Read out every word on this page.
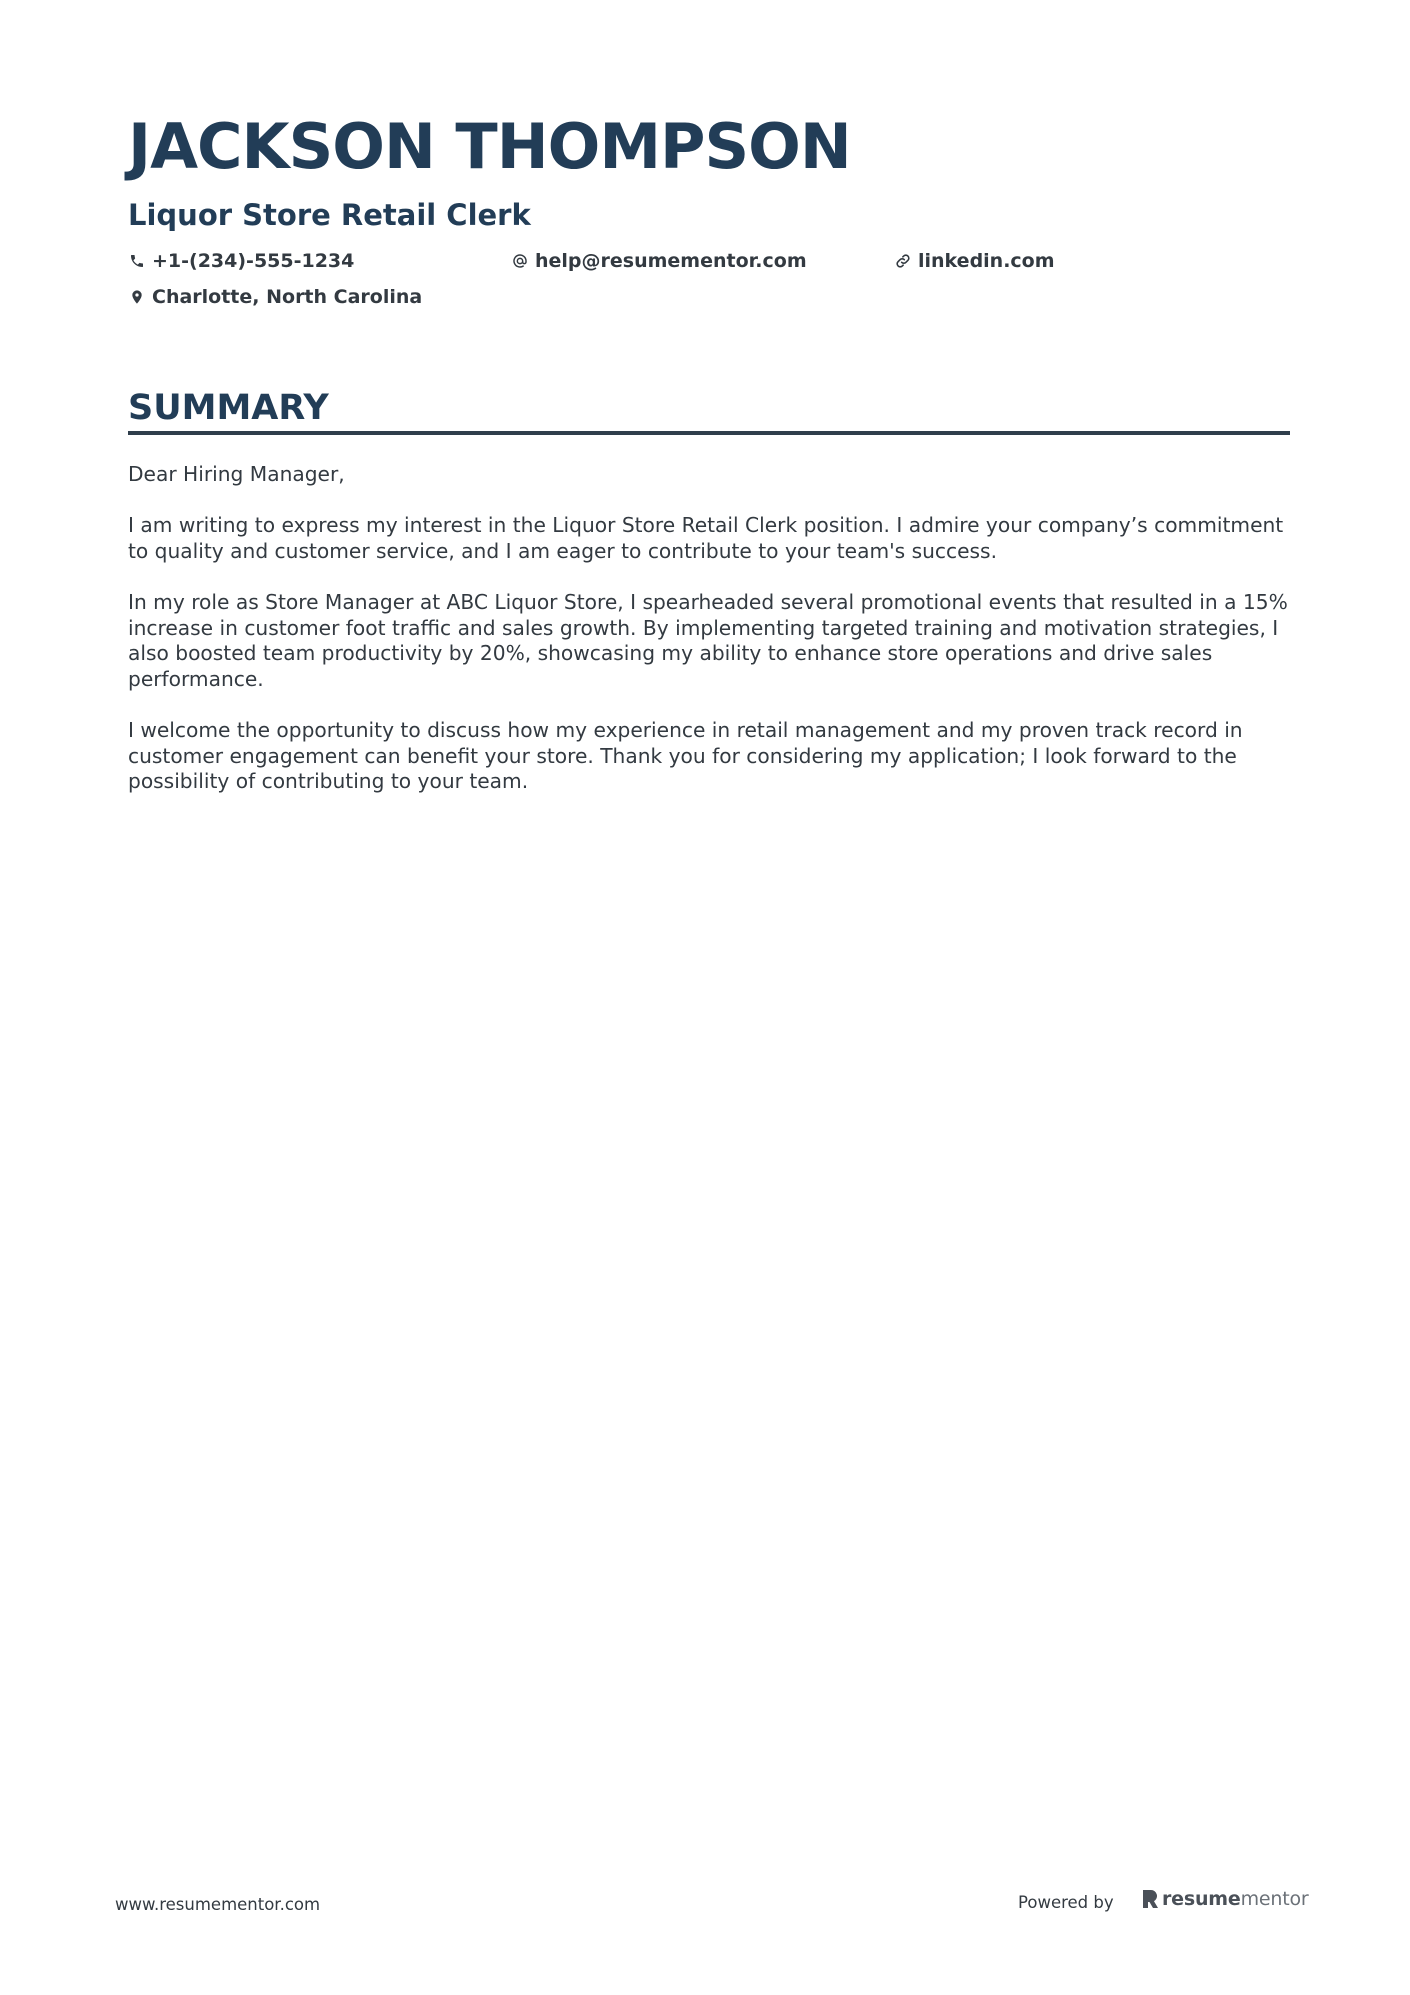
JACKSON THOMPSON
Liquor Store Retail Clerk
+1-(234)-555-1234	help@resumementor.com	linkedin.com
Charlotte, North Carolina
SUMMARY

Dear Hiring Manager,

I am writing to express my interest in the Liquor Store Retail Clerk position. I admire your company’s commitment to quality and customer service, and I am eager to contribute to your team's success.

In my role as Store Manager at ABC Liquor Store, I spearheaded several promotional events that resulted in a 15% increase in customer foot traffic and sales growth. By implementing targeted training and motivation strategies, I also boosted team productivity by 20%, showcasing my ability to enhance store operations and drive sales performance.

I welcome the opportunity to discuss how my experience in retail management and my proven track record in customer engagement can benefit your store. Thank you for considering my application; I look forward to the possibility of contributing to your team.

www.resumementor.com	Powered by	resumementor
